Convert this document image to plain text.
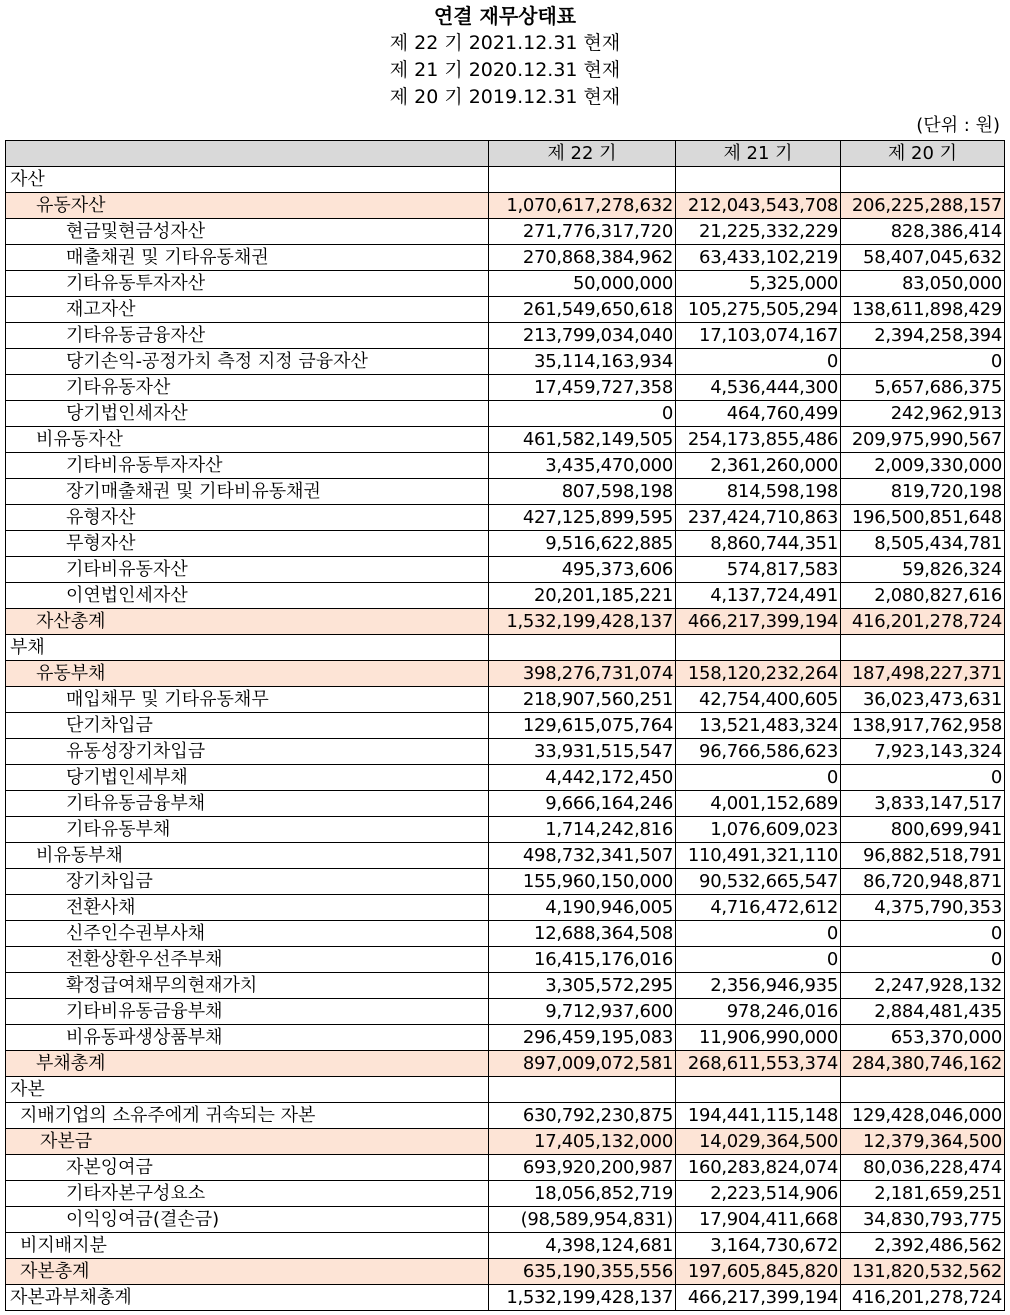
연결 재무상태표
제 22 기 2021.12.31 현재
제 21 기 2020.12.31 현재
제 20 기 2019.12.31 현재
(단위 : 원)
	제 22 기	제 21 기	제 20 기
자산			
유동자산	1,070,617,278,632	212,043,543,708	206,225,288,157
현금및현금성자산	271,776,317,720	21,225,332,229	828,386,414
매출채권 및 기타유동채권	270,868,384,962	63,433,102,219	58,407,045,632
기타유동투자자산	50,000,000	5,325,000	83,050,000
재고자산	261,549,650,618	105,275,505,294	138,611,898,429
기타유동금융자산	213,799,034,040	17,103,074,167	2,394,258,394
당기손익-공정가치 측정 지정 금융자산	35,114,163,934	0	0
기타유동자산	17,459,727,358	4,536,444,300	5,657,686,375
당기법인세자산	0	464,760,499	242,962,913
비유동자산	461,582,149,505	254,173,855,486	209,975,990,567
기타비유동투자자산	3,435,470,000	2,361,260,000	2,009,330,000
장기매출채권 및 기타비유동채권	807,598,198	814,598,198	819,720,198
유형자산	427,125,899,595	237,424,710,863	196,500,851,648
무형자산	9,516,622,885	8,860,744,351	8,505,434,781
기타비유동자산	495,373,606	574,817,583	59,826,324
이연법인세자산	20,201,185,221	4,137,724,491	2,080,827,616
자산총계	1,532,199,428,137	466,217,399,194	416,201,278,724
부채			
유동부채	398,276,731,074	158,120,232,264	187,498,227,371
매입채무 및 기타유동채무	218,907,560,251	42,754,400,605	36,023,473,631
단기차입금	129,615,075,764	13,521,483,324	138,917,762,958
유동성장기차입금	33,931,515,547	96,766,586,623	7,923,143,324
당기법인세부채	4,442,172,450	0	0
기타유동금융부채	9,666,164,246	4,001,152,689	3,833,147,517
기타유동부채	1,714,242,816	1,076,609,023	800,699,941
비유동부채	498,732,341,507	110,491,321,110	96,882,518,791
장기차입금	155,960,150,000	90,532,665,547	86,720,948,871
전환사채	4,190,946,005	4,716,472,612	4,375,790,353
신주인수권부사채	12,688,364,508	0	0
전환상환우선주부채	16,415,176,016	0	0
확정급여채무의현재가치	3,305,572,295	2,356,946,935	2,247,928,132
기타비유동금융부채	9,712,937,600	978,246,016	2,884,481,435
비유동파생상품부채	296,459,195,083	11,906,990,000	653,370,000
부채총계	897,009,072,581	268,611,553,374	284,380,746,162
자본			
지배기업의 소유주에게 귀속되는 자본	630,792,230,875	194,441,115,148	129,428,046,000
자본금	17,405,132,000	14,029,364,500	12,379,364,500
자본잉여금	693,920,200,987	160,283,824,074	80,036,228,474
기타자본구성요소	18,056,852,719	2,223,514,906	2,181,659,251
이익잉여금(결손금)	(98,589,954,831)	17,904,411,668	34,830,793,775
비지배지분	4,398,124,681	3,164,730,672	2,392,486,562
자본총계	635,190,355,556	197,605,845,820	131,820,532,562
자본과부채총계	1,532,199,428,137	466,217,399,194	416,201,278,724
